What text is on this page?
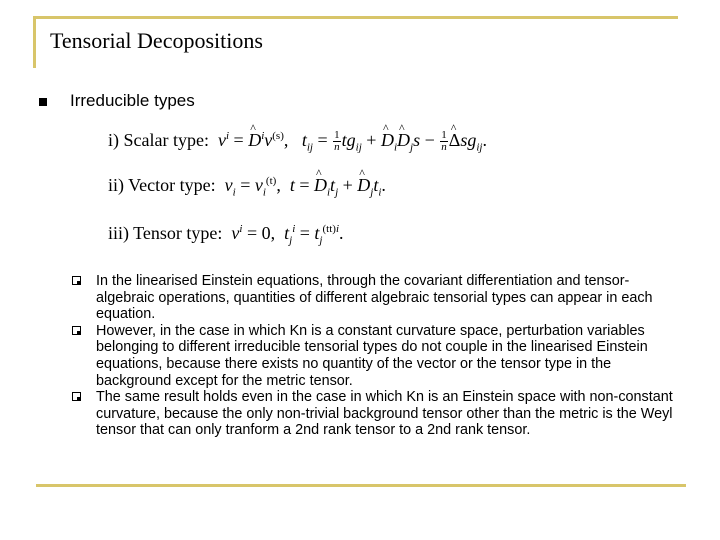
Tensorial Decopositions
Irreducible types
i) Scalar type: $v^i$ = ^ $D^iv^{(s)}$,   $t_{ij} = \frac{1}{n} tg_{ij}$ + ^ $D_i\^{}$ $D_js - \frac{1}{n}$
^ Δsg$_{ij}$.
ii) Vector type: $v_i = v_i^{(t)}$,  t = ^ $D_it_j$ + ^ $D_jt_i$.
iii) Tensor type: $v^i = 0$,  $t_j^i = t_j^{(tt)i}$.
In the linearised Einstein equations, through the covariant differentiation and tensor-algebraic operations, quantities of different algebraic tensorial types can appear in each equation.
However, in the case in which Kn is a constant curvature space, perturbation variables belonging to different irreducible tensorial types do not couple in the linearised Einstein equations, because there exists no quantity of the vector or the tensor type in the background except for the metric tensor.
The same result holds even in the case in which Kn is an Einstein space with non-constant curvature, because the only non-trivial background tensor other than the metric is the Weyl tensor that can only tranform a 2nd rank tensor to a 2nd rank tensor.
